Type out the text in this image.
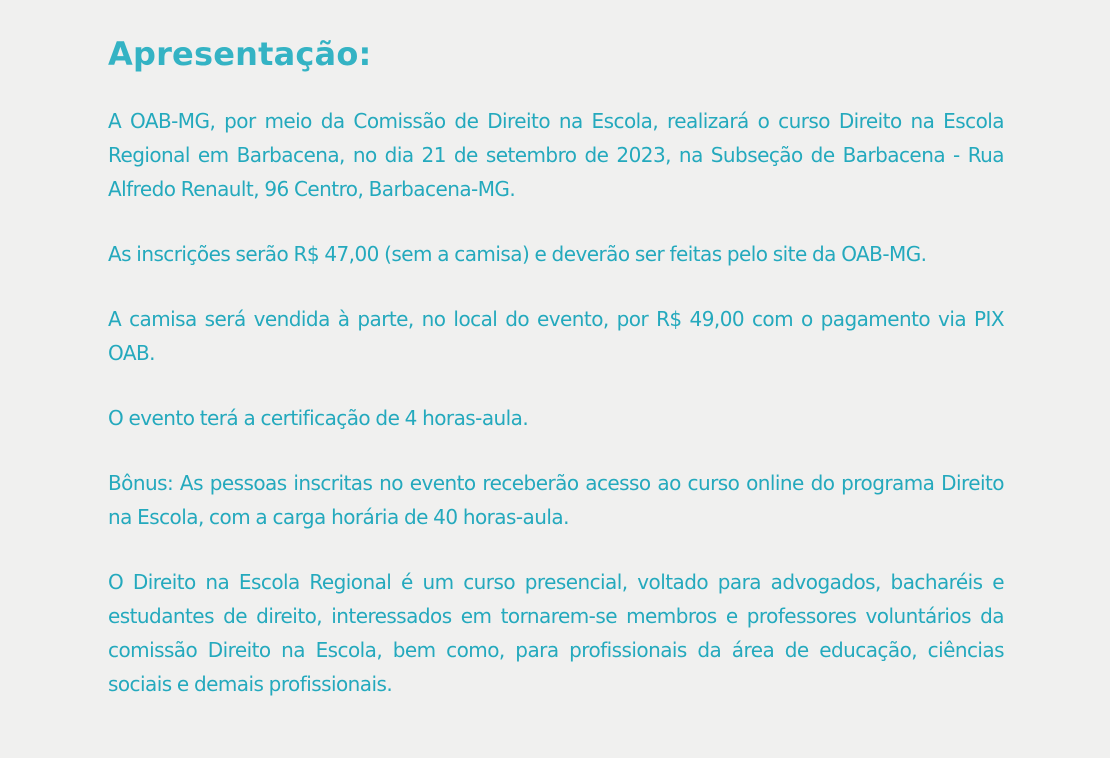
Apresentação:

A OAB-MG, por meio da Comissão de Direito na Escola, realizará o curso Direito na Escola Regional em Barbacena, no dia 21 de setembro de 2023, na Subseção de Barbacena - Rua Alfredo Renault, 96 Centro, Barbacena-MG.

As inscrições serão R$ 47,00 (sem a camisa) e deverão ser feitas pelo site da OAB-MG.

A camisa será vendida à parte, no local do evento, por R$ 49,00 com o pagamento via PIX OAB.

O evento terá a certificação de 4 horas-aula.

Bônus: As pessoas inscritas no evento receberão acesso ao curso online do programa Direito na Escola, com a carga horária de 40 horas-aula.

O Direito na Escola Regional é um curso presencial, voltado para advogados, bacharéis e estudantes de direito, interessados em tornarem-se membros e professores voluntários da comissão Direito na Escola, bem como, para profissionais da área de educação, ciências sociais e demais profissionais.
